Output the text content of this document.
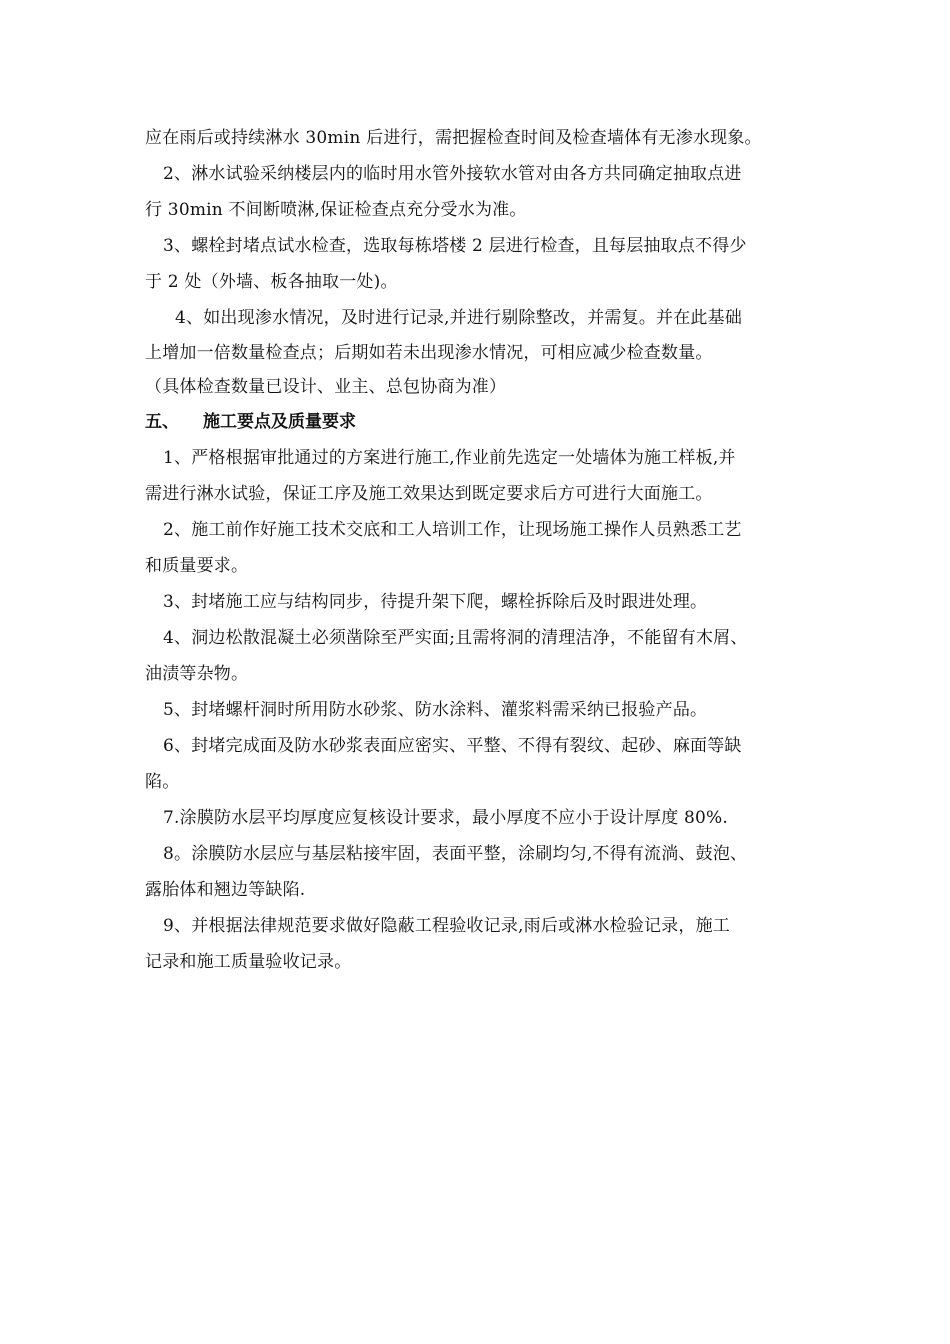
应在雨后或持续淋水 30min 后进行，需把握检查时间及检查墙体有无渗水现象。
2、淋水试验采纳楼层内的临时用水管外接软水管对由各方共同确定抽取点进
行 30min 不间断喷淋,保证检查点充分受水为准。
3、螺栓封堵点试水检查，选取每栋塔楼 2 层进行检查，且每层抽取点不得少
于 2 处（外墙、板各抽取一处)。
4、如出现渗水情况，及时进行记录,并进行剔除整改，并需复。并在此基础
上增加一倍数量检查点；后期如若未出现渗水情况，可相应减少检查数量。
（具体检查数量已设计、业主、总包协商为准）
五、 施工要点及质量要求
1、严格根据审批通过的方案进行施工,作业前先选定一处墙体为施工样板,并
需进行淋水试验，保证工序及施工效果达到既定要求后方可进行大面施工。
2、施工前作好施工技术交底和工人培训工作，让现场施工操作人员熟悉工艺
和质量要求。
3、封堵施工应与结构同步，待提升架下爬，螺栓拆除后及时跟进处理。
4、洞边松散混凝土必须凿除至严实面;且需将洞的清理洁净，不能留有木屑、
油渍等杂物。
5、封堵螺杆洞时所用防水砂浆、防水涂料、灌浆料需采纳已报验产品。
6、封堵完成面及防水砂浆表面应密实、平整、不得有裂纹、起砂、麻面等缺
陷。
7.涂膜防水层平均厚度应复核设计要求，最小厚度不应小于设计厚度 80%.
8。涂膜防水层应与基层粘接牢固，表面平整，涂刷均匀,不得有流淌、鼓泡、
露胎体和翘边等缺陷.
9、并根据法律规范要求做好隐蔽工程验收记录,雨后或淋水检验记录，施工
记录和施工质量验收记录。
